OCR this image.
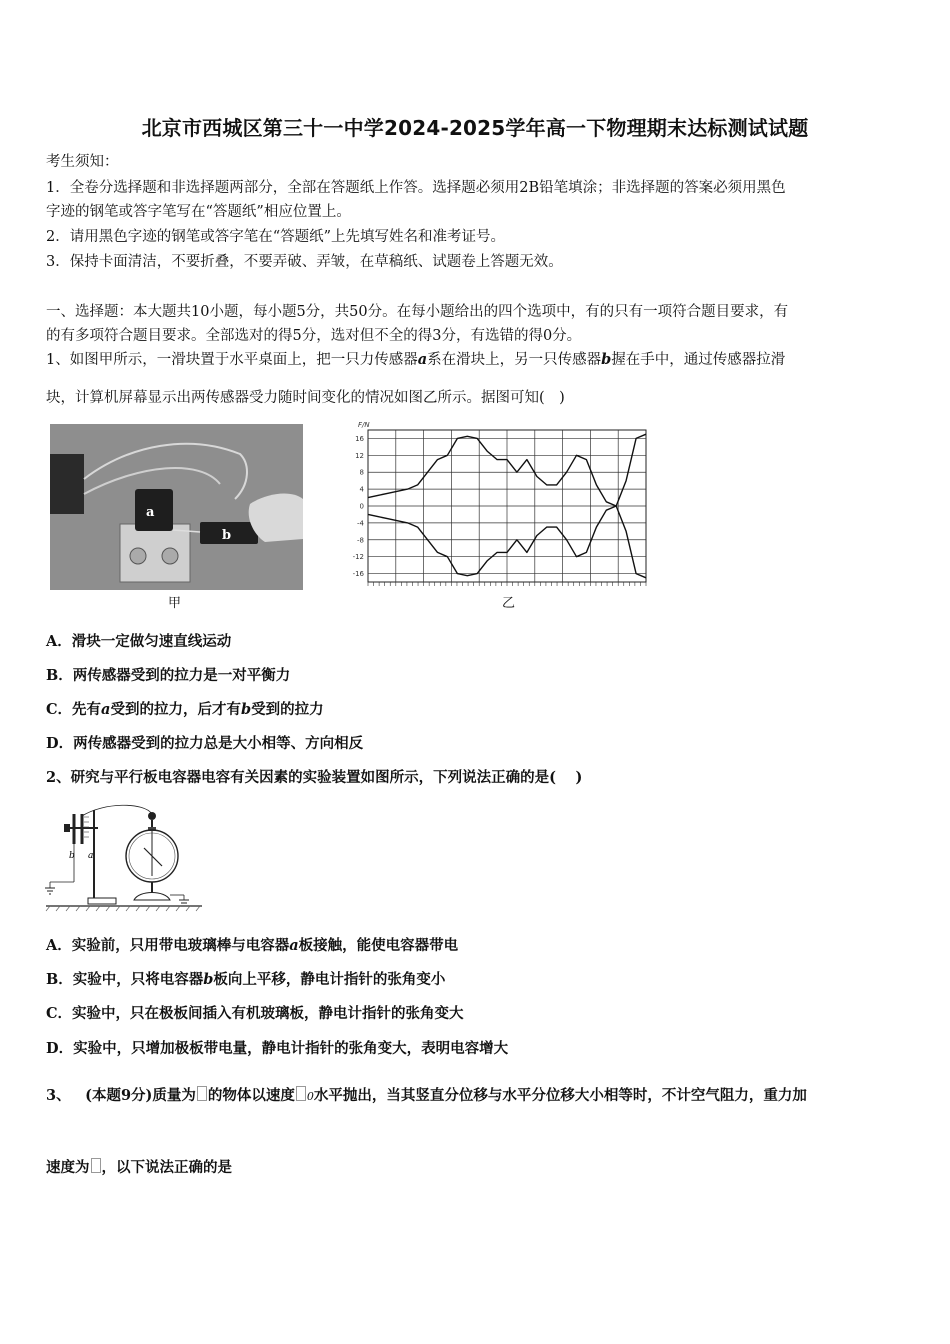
北京市西城区第三十一中学2024-2025学年高一下物理期末达标测试试题
考生须知：
1．全卷分选择题和非选择题两部分，全部在答题纸上作答。选择题必须用2B铅笔填涂；非选择题的答案必须用黑色
字迹的钢笔或答字笔写在“答题纸”相应位置上。
2．请用黑色字迹的钢笔或答字笔在“答题纸”上先填写姓名和准考证号。
3．保持卡面清洁，不要折叠，不要弄破、弄皱，在草稿纸、试题卷上答题无效。
一、选择题：本大题共10小题，每小题5分，共50分。在每小题给出的四个选项中，有的只有一项符合题目要求，有
的有多项符合题目要求。全部选对的得5分，选对但不全的得3分，有选错的得0分。
1、如图甲所示，一滑块置于水平桌面上，把一只力传感器a系在滑块上，另一只传感器b握在手中，通过传感器拉滑
块，计算机屏幕显示出两传感器受力随时间变化的情况如图乙所示。据图可知(　)
a
b
甲
16
12
8
4
0
-4
-8
-12
-16
F/N
乙
A．滑块一定做匀速直线运动
B．两传感器受到的拉力是一对平衡力
C．先有a受到的拉力，后才有b受到的拉力
D．两传感器受到的拉力总是大小相等、方向相反
2、研究与平行板电容器电容有关因素的实验装置如图所示，下列说法正确的是(　 )
b a
A．实验前，只用带电玻璃棒与电容器a板接触，能使电容器带电
B．实验中，只将电容器b板向上平移，静电计指针的张角变小
C．实验中，只在极板间插入有机玻璃板，静电计指针的张角变大
D．实验中，只增加极板带电量，静电计指针的张角变大，表明电容增大
3、  (本题9分)质量为 的物体以速度 0水平抛出，当其竖直分位移与水平分位移大小相等时，不计空气阻力，重力加
速度为 ，以下说法正确的是
